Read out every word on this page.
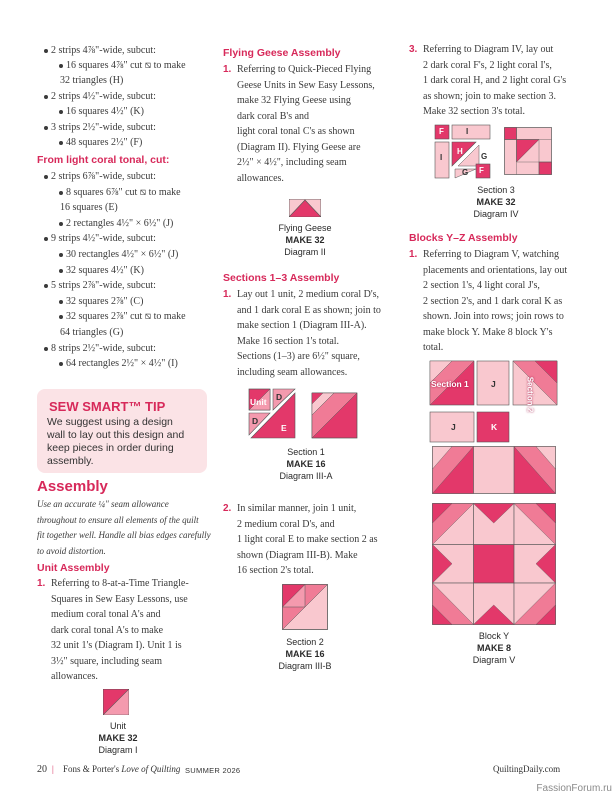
2 strips 4⅞"-wide, subcut:
16 squares 4⅞" cut ⧅ to make
32 triangles (H)
2 strips 4½"-wide, subcut:
16 squares 4½" (K)
3 strips 2½"-wide, subcut:
48 squares 2½" (F)
From light coral tonal, cut:
2 strips 6⅞"-wide, subcut:
8 squares 6⅞" cut ⧅ to make
16 squares (E)
2 rectangles 4½" × 6½" (J)
9 strips 4½"-wide, subcut:
30 rectangles 4½" × 6½" (J)
32 squares 4½" (K)
5 strips 2⅞"-wide, subcut:
32 squares 2⅞" (C)
32 squares 2⅞" cut ⧅ to make
64 triangles (G)
8 strips 2½"-wide, subcut:
64 rectangles 2½" × 4½" (I)
SEW SMART™ TIP
We suggest using a design
wall to lay out this design and
keep pieces in order during
assembly.
Assembly
Use an accurate ¼" seam allowance
throughout to ensure all elements of the quilt
fit together well. Handle all bias edges carefully
to avoid distortion.
Unit Assembly
1. Referring to 8-at-a-Time Triangle-
Squares in Sew Easy Lessons, use
medium coral tonal A's and
dark coral tonal A's to make
32 unit 1's (Diagram I). Unit 1 is
3½" square, including seam
allowances.
Unit
MAKE 32
Diagram I
Flying Geese Assembly
1. Referring to Quick-Pieced Flying
Geese Units in Sew Easy Lessons,
make 32 Flying Geese using
dark coral B's and
light coral tonal C's as shown
(Diagram II). Flying Geese are
2½" × 4½", including seam
allowances.
Flying Geese
MAKE 32
Diagram II
Sections 1–3 Assembly
1. Lay out 1 unit, 2 medium coral D's,
and 1 dark coral E as shown; join to
make section 1 (Diagram III-A).
Make 16 section 1's total.
Sections (1–3) are 6½" square,
including seam allowances.
Unit D
D
E
Section 1
MAKE 16
Diagram III-A
2. In similar manner, join 1 unit,
2 medium coral D's, and
1 light coral E to make section 2 as
shown (Diagram III-B). Make
16 section 2's total.
Section 2
MAKE 16
Diagram III-B
3. Referring to Diagram IV, lay out
2 dark coral F's, 2 light coral I's,
1 dark coral H, and 2 light coral G's
as shown; join to make section 3.
Make 32 section 3's total.
F	I
I
H
G
G F
Section 3
MAKE 32
Diagram IV
Blocks Y–Z Assembly
1. Referring to Diagram V, watching
placements and orientations, lay out
2 section 1's, 4 light coral J's,
2 section 2's, and 1 dark coral K as
shown. Join into rows; join rows to
make block Y. Make 8 block Y's
total.
Section 1	J	Section 2
J	K
Block Y
MAKE 8
Diagram V
20 | Fons & Porter's Love of Quilting SUMMER 2026	QuiltingDaily.com
FassionForum.ru
